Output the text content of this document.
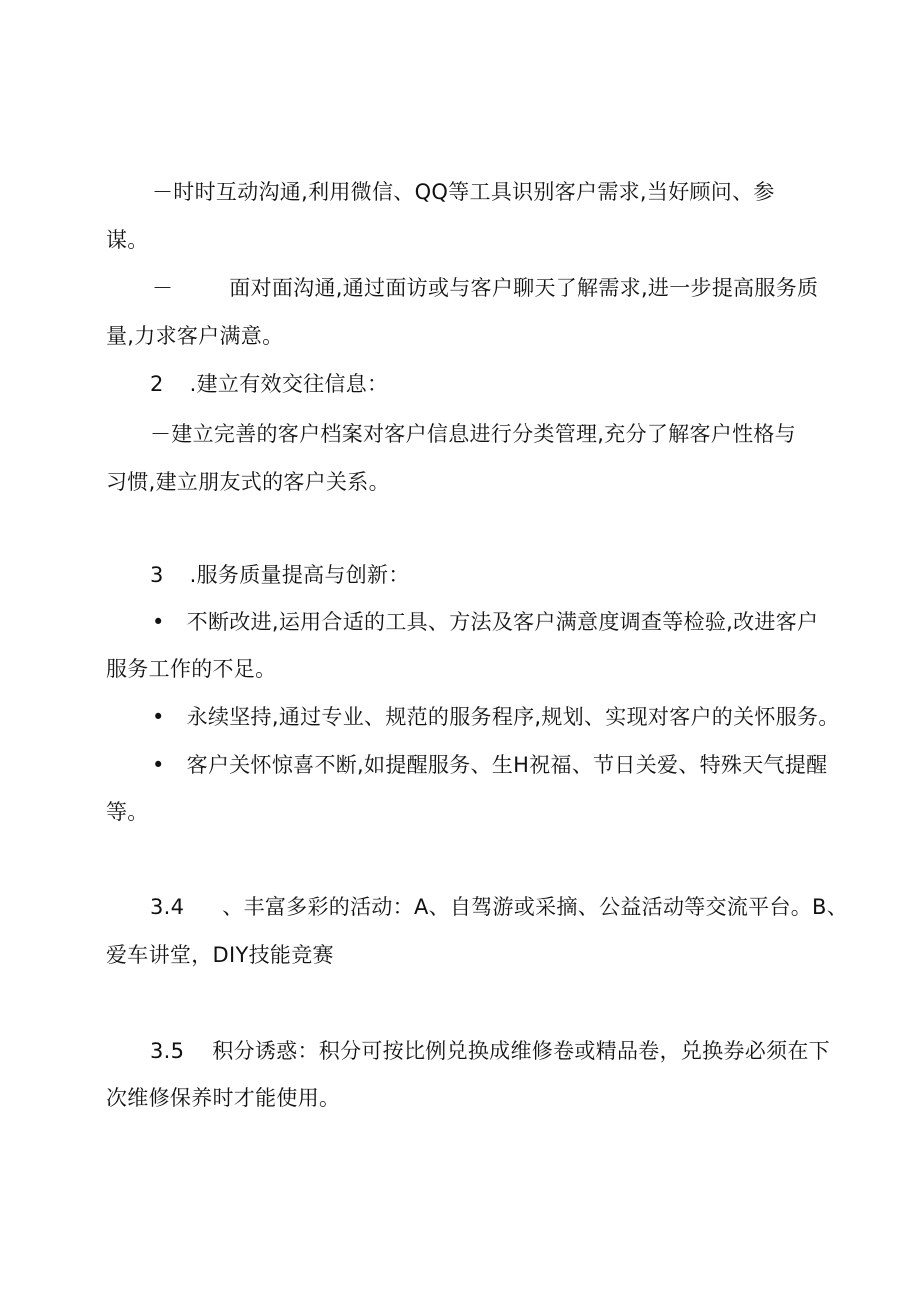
－时时互动沟通,利用微信、QQ等工具识别客户需求,当好顾问、参
谋。
－	面对面沟通,通过面访或与客户聊天了解需求,进一步提高服务质
量,力求客户满意。
2 .建立有效交往信息：
－建立完善的客户档案对客户信息进行分类管理,充分了解客户性格与
习惯,建立朋友式的客户关系。
3 .服务质量提高与创新：
• 不断改进,运用合适的工具、方法及客户满意度调查等检验,改进客户
服务工作的不足。
• 永续坚持,通过专业、规范的服务程序,规划、实现对客户的关怀服务。
• 客户关怀惊喜不断,如提醒服务、生H祝福、节日关爱、特殊天气提醒
等。
3.4 、丰富多彩的活动：A、自驾游或采摘、公益活动等交流平台。B、
爱车讲堂，DIY技能竞赛
3.5 积分诱惑：积分可按比例兑换成维修卷或精品卷，兑换券必须在下
次维修保养时才能使用。
